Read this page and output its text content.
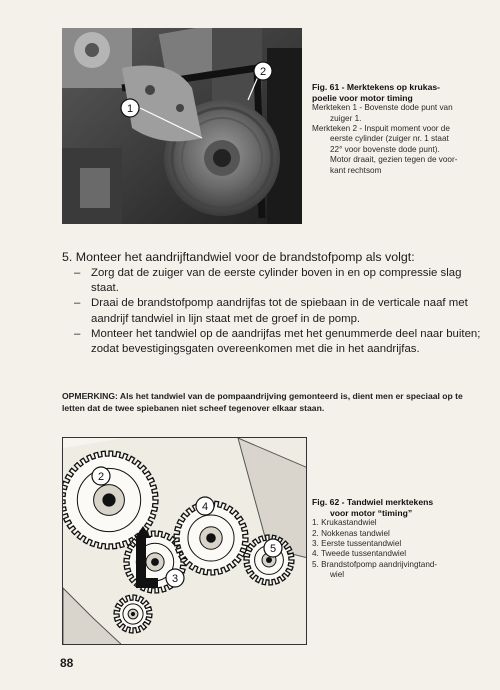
1
2
Fig. 61 - Merktekens op krukas-
poelie voor motor timing
Merkteken 1 - Bovenste dode punt van
zuiger 1.
Merkteken 2 - Inspuit moment voor de
eerste cylinder (zuiger nr. 1 staat
22° voor bovenste dode punt).
Motor draait, gezien tegen de voor-
kant rechtsom
5. Monteer het aandrijftandwiel voor de brandstofpomp als volgt:
– Zorg dat de zuiger van de eerste cylinder boven in en op compressie slag staat.
– Draai de brandstofpomp aandrijfas tot de spiebaan in de verticale naaf met aandrijf tandwiel in lijn staat met de groef in de pomp.
– Monteer het tandwiel op de aandrijfas met het genummerde deel naar buiten; zodat bevestigingsgaten overeenkomen met die in het aandrijfas.
OPMERKING: Als het tandwiel van de pompaandrijving gemonteerd is, dient men er speciaal op te letten dat de twee spiebanen niet scheef tegenover elkaar staan.
2
3
4
5
Fig. 62 - Tandwiel merktekens
voor motor “timing”
1. Krukastandwiel
2. Nokkenas tandwiel
3. Eerste tussentandwiel
4. Tweede tussentandwiel
5. Brandstofpomp aandrijvingtand-
wiel
88
